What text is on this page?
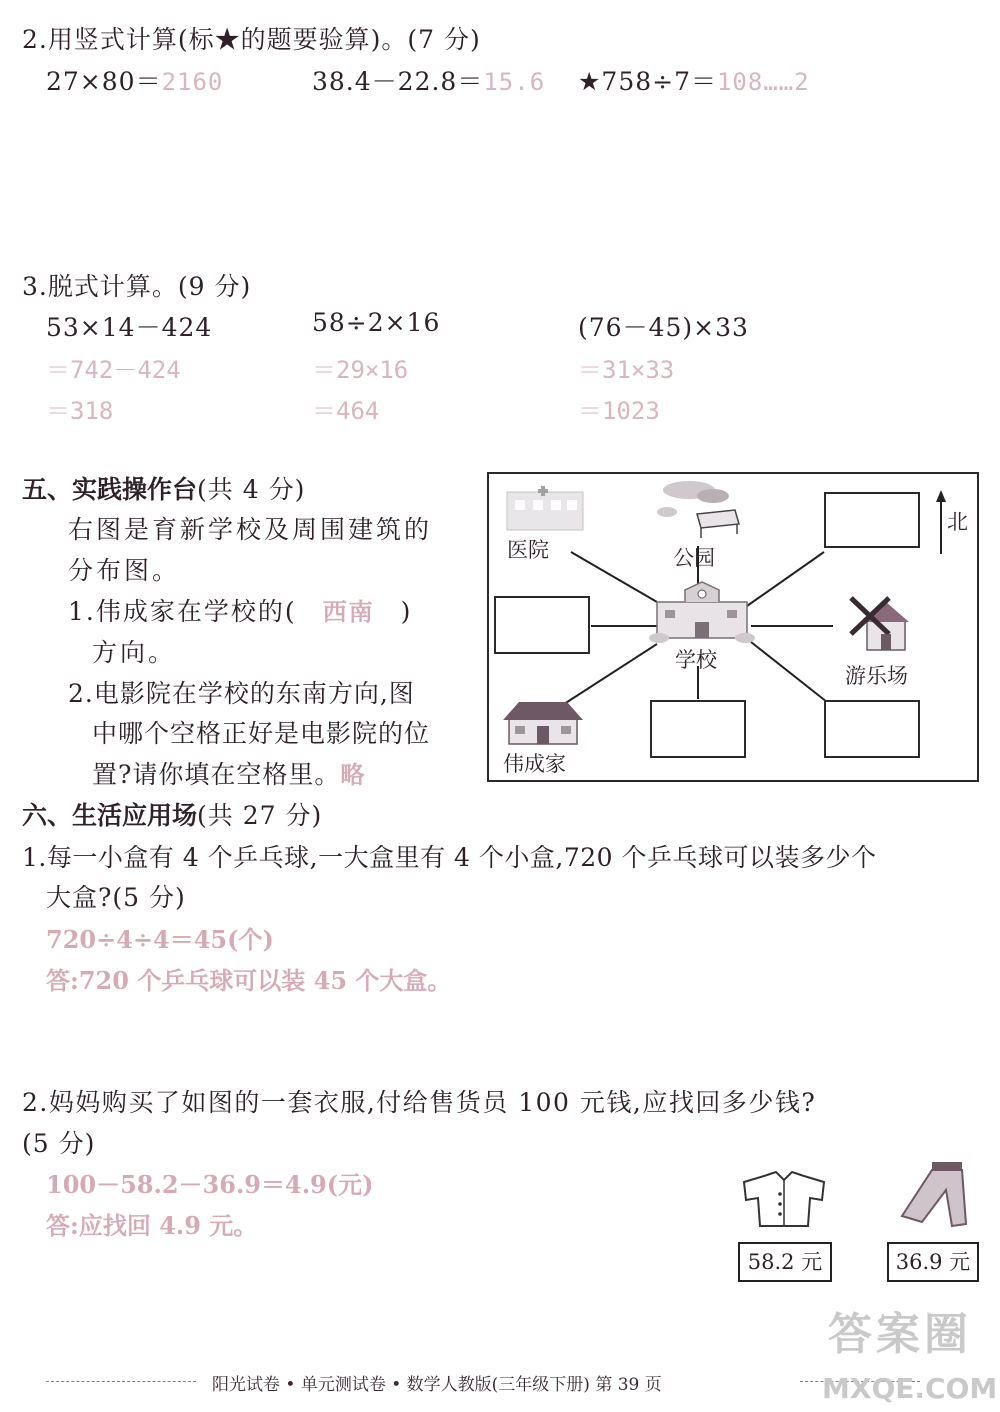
2.用竖式计算(标★的题要验算)。(7 分)
27×80＝2160	38.4－22.8＝15.6 ★758÷7＝108……2
3.脱式计算。(9 分)
53×14－424
＝742－424
＝318
58÷2×16
＝29×16
＝464
(76－45)×33
＝31×33
＝1023
五、实践操作台(共 4 分)
右图是育新学校及周围建筑的
分布图。
1.伟成家在学校的( 西南 )
方向。
2.电影院在学校的东南方向,图
中哪个空格正好是电影院的位
置?请你填在空格里。略
医院	公园
学校
游乐场
伟成家
北
六、生活应用场(共 27 分)
1.每一小盒有 4 个乒乓球,一大盒里有 4 个小盒,720 个乒乓球可以装多少个
大盒?(5 分)
720÷4÷4＝45(个)
答:720 个乒乓球可以装 45 个大盒。
2.妈妈购买了如图的一套衣服,付给售货员 100 元钱,应找回多少钱?
(5 分)
100－58.2－36.9＝4.9(元)
答:应找回 4.9 元。
58.2 元	36.9 元
阳光试卷 • 单元测试卷 • 数学人教版(三年级下册) 第 39 页
答案圈
MXQE.COM
